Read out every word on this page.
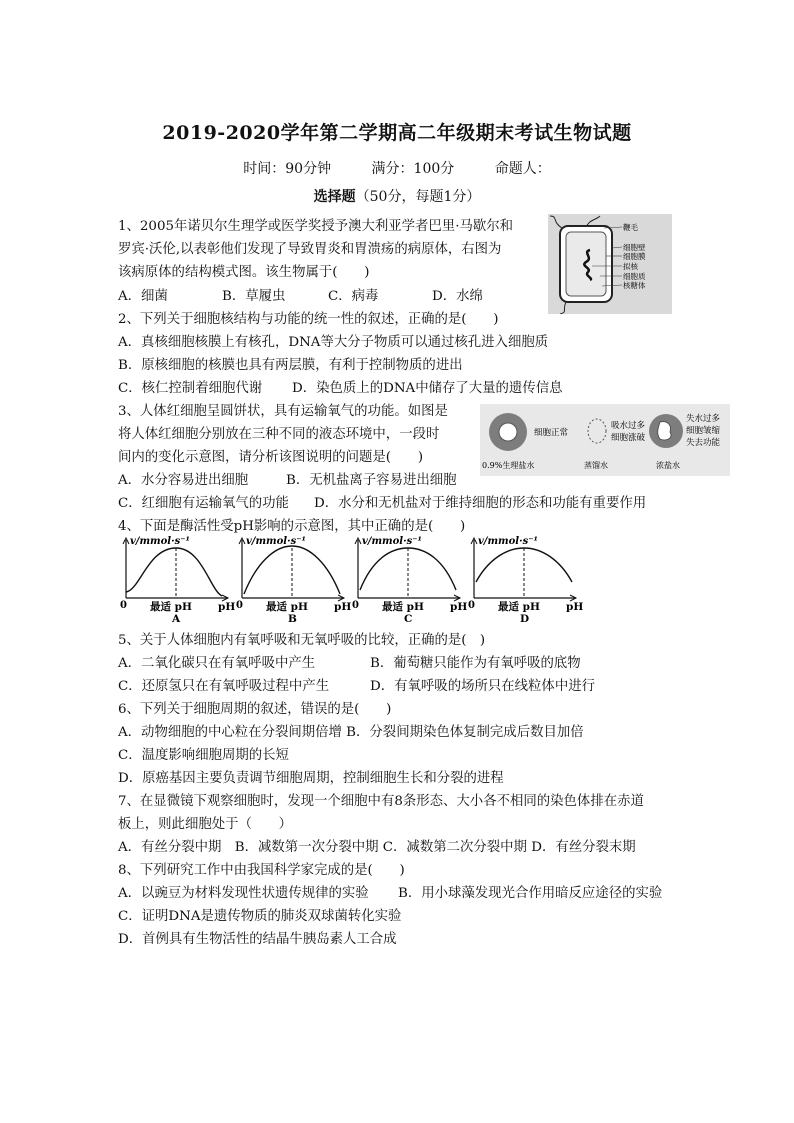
2019-2020学年第二学期高二年级期末考试生物试题
时间：90分钟	满分：100分	命题人：
选择题（50分，每题1分）
1、2005年诺贝尔生理学或医学奖授予澳大利亚学者巴里·马歇尔和
罗宾·沃伦,以表彰他们发现了导致胃炎和胃溃疡的病原体，右图为
该病原体的结构模式图。该生物属于(　　)
A．细菌	B．草履虫	C．病毒	D．水绵
鞭毛
细胞壁
细胞膜
拟核
细胞质
核糖体
2、下列关于细胞核结构与功能的统一性的叙述，正确的是(　　)
A．真核细胞核膜上有核孔，DNA等大分子物质可以通过核孔进入细胞质
B．原核细胞的核膜也具有两层膜，有利于控制物质的进出
C．核仁控制着细胞代谢 D．染色质上的DNA中储存了大量的遗传信息
3、人体红细胞呈圆饼状，具有运输氧气的功能。如图是
将人体红细胞分别放在三种不同的液态环境中，一段时
间内的变化示意图，请分析该图说明的问题是(　　)
A．水分容易进出细胞	B．无机盐离子容易进出细胞
C．红细胞有运输氧气的功能 D．水分和无机盐对于维持细胞的形态和功能有重要作用
细胞正常
吸水过多
细胞涨破
失水过多
细胞皱缩
失去功能
0.9%生理盐水	蒸馏水	浓盐水
4、下面是酶活性受pH影响的示意图，其中正确的是(　　)
v/mmol·s⁻¹
0 最适 pH pH
A
v/mmol·s⁻¹
0 最适 pH pH
B
v/mmol·s⁻¹
0 最适 pH pH
C
v/mmol·s⁻¹
0 最适 pH pH
D
5、关于人体细胞内有氧呼吸和无氧呼吸的比较，正确的是(　)
A．二氧化碳只在有氧呼吸中产生	B．葡萄糖只能作为有氧呼吸的底物
C．还原氢只在有氧呼吸过程中产生	D．有氧呼吸的场所只在线粒体中进行
6、下列关于细胞周期的叙述，错误的是(　　)
A．动物细胞的中心粒在分裂间期倍增 B．分裂间期染色体复制完成后数目加倍
C．温度影响细胞周期的长短
D．原癌基因主要负责调节细胞周期，控制细胞生长和分裂的进程
7、在显微镜下观察细胞时，发现一个细胞中有8条形态、大小各不相同的染色体排在赤道
板上，则此细胞处于（　　）
A．有丝分裂中期　B．减数第一次分裂中期 C．减数第二次分裂中期 D．有丝分裂末期
8、下列研究工作中由我国科学家完成的是(　　)
A．以豌豆为材料发现性状遗传规律的实验 B．用小球藻发现光合作用暗反应途径的实验
C．证明DNA是遗传物质的肺炎双球菌转化实验
D．首例具有生物活性的结晶牛胰岛素人工合成
